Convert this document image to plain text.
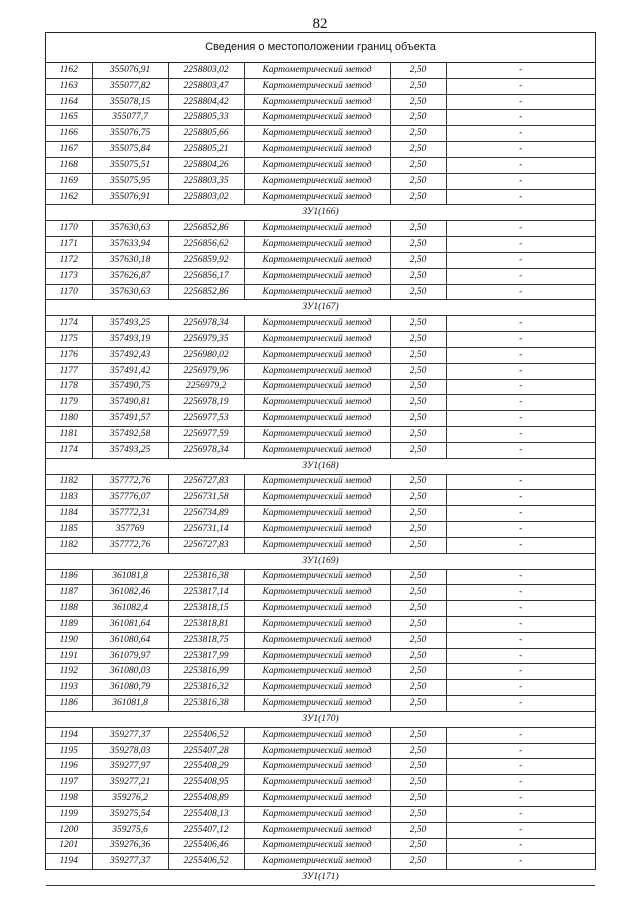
82
Сведения о местоположении границ объекта
1162	355076,91	2258803,02	Картометрический метод	2,50	-
1163	355077,82	2258803,47	Картометрический метод	2,50	-
1164	355078,15	2258804,42	Картометрический метод	2,50	-
1165	355077,7	2258805,33	Картометрический метод	2,50	-
1166	355076,75	2258805,66	Картометрический метод	2,50	-
1167	355075,84	2258805,21	Картометрический метод	2,50	-
1168	355075,51	2258804,26	Картометрический метод	2,50	-
1169	355075,95	2258803,35	Картометрический метод	2,50	-
1162	355076,91	2258803,02	Картометрический метод	2,50	-
ЗУ1(166)					
1170	357630,63	2256852,86	Картометрический метод	2,50	-
1171	357633,94	2256856,62	Картометрический метод	2,50	-
1172	357630,18	2256859,92	Картометрический метод	2,50	-
1173	357626,87	2256856,17	Картометрический метод	2,50	-
1170	357630,63	2256852,86	Картометрический метод	2,50	-
ЗУ1(167)					
1174	357493,25	2256978,34	Картометрический метод	2,50	-
1175	357493,19	2256979,35	Картометрический метод	2,50	-
1176	357492,43	2256980,02	Картометрический метод	2,50	-
1177	357491,42	2256979,96	Картометрический метод	2,50	-
1178	357490,75	2256979,2	Картометрический метод	2,50	-
1179	357490,81	2256978,19	Картометрический метод	2,50	-
1180	357491,57	2256977,53	Картометрический метод	2,50	-
1181	357492,58	2256977,59	Картометрический метод	2,50	-
1174	357493,25	2256978,34	Картометрический метод	2,50	-
ЗУ1(168)					
1182	357772,76	2256727,83	Картометрический метод	2,50	-
1183	357776,07	2256731,58	Картометрический метод	2,50	-
1184	357772,31	2256734,89	Картометрический метод	2,50	-
1185	357769	2256731,14	Картометрический метод	2,50	-
1182	357772,76	2256727,83	Картометрический метод	2,50	-
ЗУ1(169)					
1186	361081,8	2253816,38	Картометрический метод	2,50	-
1187	361082,46	2253817,14	Картометрический метод	2,50	-
1188	361082,4	2253818,15	Картометрический метод	2,50	-
1189	361081,64	2253818,81	Картометрический метод	2,50	-
1190	361080,64	2253818,75	Картометрический метод	2,50	-
1191	361079,97	2253817,99	Картометрический метод	2,50	-
1192	361080,03	2253816,99	Картометрический метод	2,50	-
1193	361080,79	2253816,32	Картометрический метод	2,50	-
1186	361081,8	2253816,38	Картометрический метод	2,50	-
ЗУ1(170)					
1194	359277,37	2255406,52	Картометрический метод	2,50	-
1195	359278,03	2255407,28	Картометрический метод	2,50	-
1196	359277,97	2255408,29	Картометрический метод	2,50	-
1197	359277,21	2255408,95	Картометрический метод	2,50	-
1198	359276,2	2255408,89	Картометрический метод	2,50	-
1199	359275,54	2255408,13	Картометрический метод	2,50	-
1200	359275,6	2255407,12	Картометрический метод	2,50	-
1201	359276,36	2255406,46	Картометрический метод	2,50	-
1194	359277,37	2255406,52	Картометрический метод	2,50	-
ЗУ1(171)					
